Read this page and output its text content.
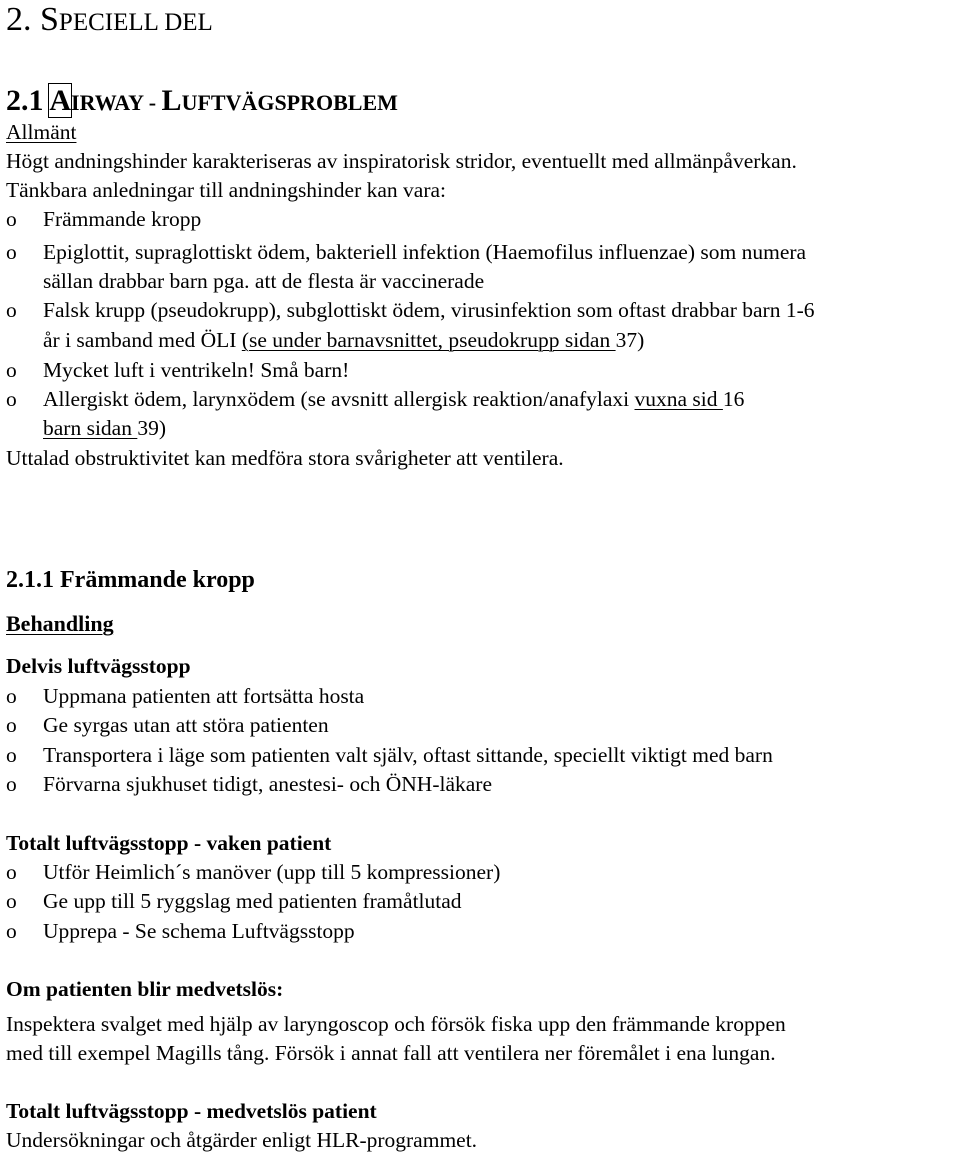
2. SPECIELL DEL
2.1 AIRWAY - LUFTVÄGSPROBLEM
Allmänt
Högt andningshinder karakteriseras av inspiratorisk stridor, eventuellt med allmänpåverkan.
Tänkbara anledningar till andningshinder kan vara:
o Främmande kropp
o Epiglottit, supraglottiskt ödem, bakteriell infektion (Haemofilus influenzae) som numera
sällan drabbar barn pga. att de flesta är vaccinerade
o Falsk krupp (pseudokrupp), subglottiskt ödem, virusinfektion som oftast drabbar barn 1-6
år i samband med ÖLI (se under barnavsnittet, pseudokrupp sidan 37)
o Mycket luft i ventrikeln! Små barn!
o Allergiskt ödem, larynxödem (se avsnitt allergisk reaktion/anafylaxi vuxna sid 16
barn sidan 39)
Uttalad obstruktivitet kan medföra stora svårigheter att ventilera.
2.1.1 Främmande kropp
Behandling
Delvis luftvägsstopp
o Uppmana patienten att fortsätta hosta
o Ge syrgas utan att störa patienten
o Transportera i läge som patienten valt själv, oftast sittande, speciellt viktigt med barn
o Förvarna sjukhuset tidigt, anestesi- och ÖNH-läkare
Totalt luftvägsstopp - vaken patient
o Utför Heimlich´s manöver (upp till 5 kompressioner)
o Ge upp till 5 ryggslag med patienten framåtlutad
o Upprepa - Se schema Luftvägsstopp
Om patienten blir medvetslös:
Inspektera svalget med hjälp av laryngoscop och försök fiska upp den främmande kroppen
med till exempel Magills tång. Försök i annat fall att ventilera ner föremålet i ena lungan.
Totalt luftvägsstopp - medvetslös patient
Undersökningar och åtgärder enligt HLR-programmet.
